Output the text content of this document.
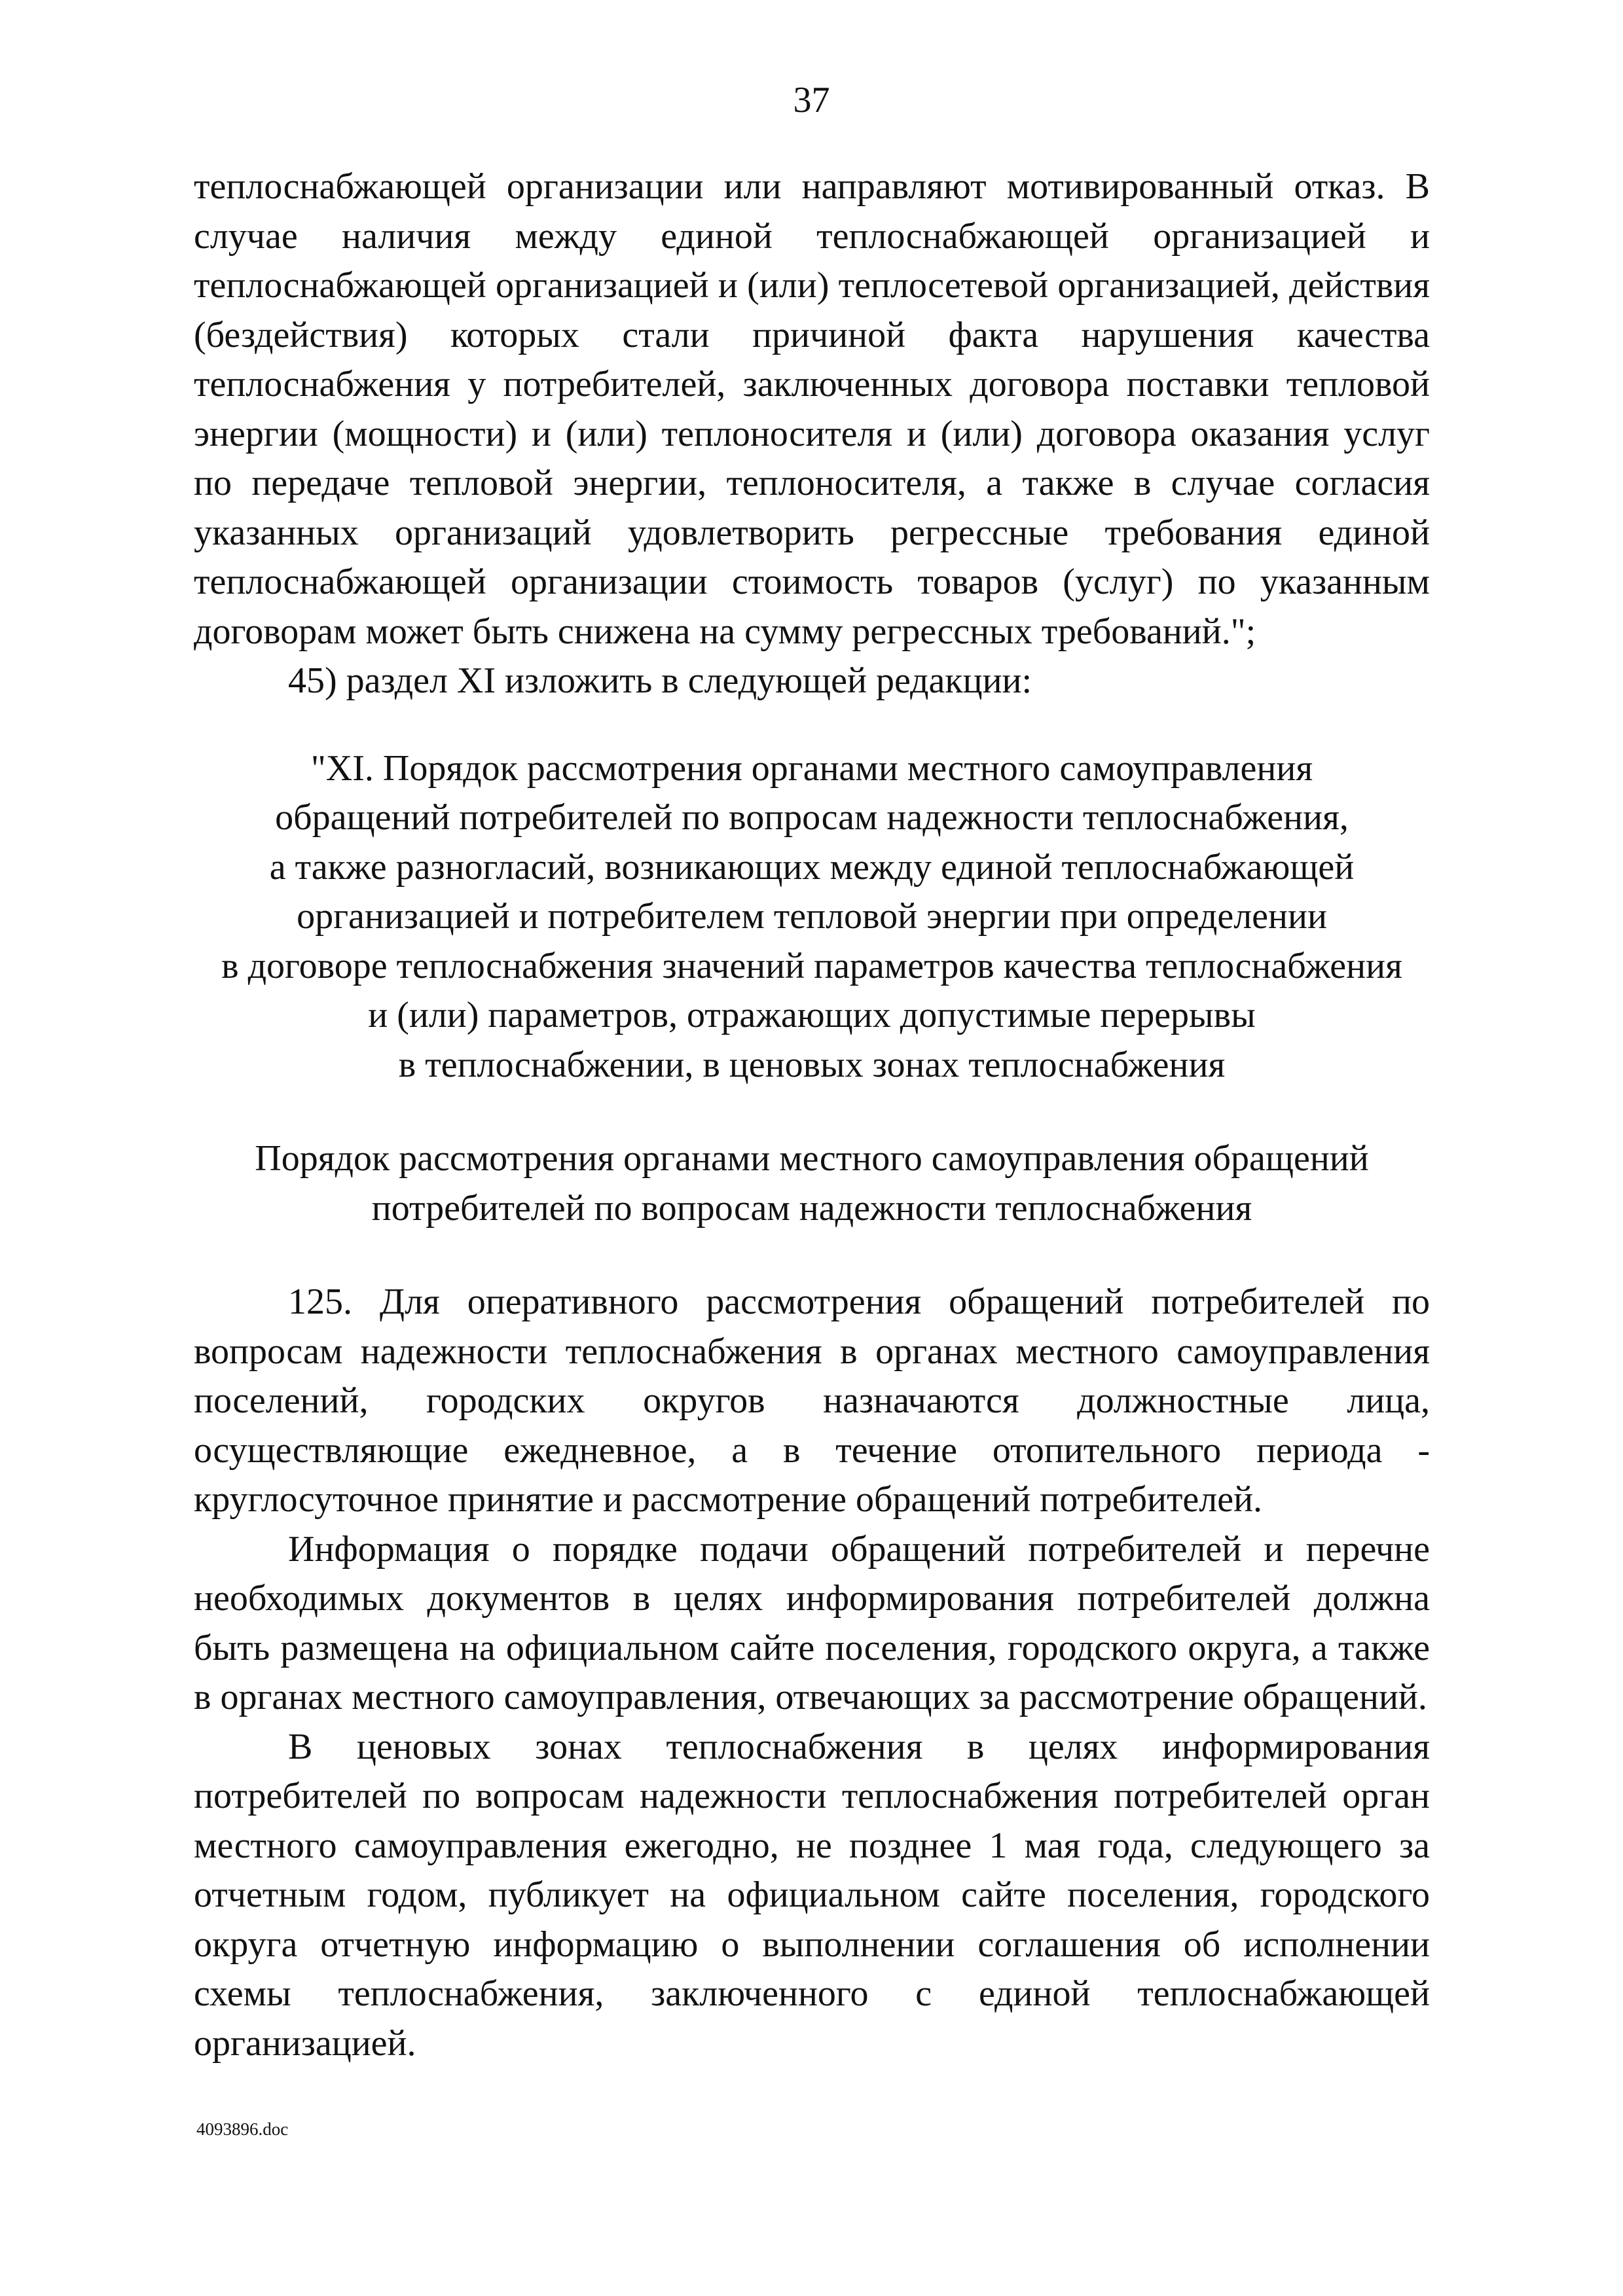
37

теплоснабжающей организации или направляют мотивированный отказ. В случае наличия между единой теплоснабжающей организацией и теплоснабжающей организацией и (или) теплосетевой организацией, действия (бездействия) которых стали причиной факта нарушения качества теплоснабжения у потребителей, заключенных договора поставки тепловой энергии (мощности) и (или) теплоносителя и (или) договора оказания услуг по передаче тепловой энергии, теплоносителя, а также в случае согласия указанных организаций удовлетворить регрессные требования единой теплоснабжающей организации стоимость товаров (услуг) по указанным договорам может быть снижена на сумму регрессных требований.";

45) раздел XI изложить в следующей редакции:

"XI. Порядок рассмотрения органами местного самоуправления
обращений потребителей по вопросам надежности теплоснабжения,
а также разногласий, возникающих между единой теплоснабжающей
организацией и потребителем тепловой энергии при определении
в договоре теплоснабжения значений параметров качества теплоснабжения
и (или) параметров, отражающих допустимые перерывы
в теплоснабжении, в ценовых зонах теплоснабжения
Порядок рассмотрения органами местного самоуправления обращений
потребителей по вопросам надежности теплоснабжения

125. Для оперативного рассмотрения обращений потребителей по вопросам надежности теплоснабжения в органах местного самоуправления поселений, городских округов назначаются должностные лица, осуществляющие ежедневное, а в течение отопительного периода - круглосуточное принятие и рассмотрение обращений потребителей.

Информация о порядке подачи обращений потребителей и перечне необходимых документов в целях информирования потребителей должна быть размещена на официальном сайте поселения, городского округа, а также в органах местного самоуправления, отвечающих за рассмотрение обращений.

В ценовых зонах теплоснабжения в целях информирования потребителей по вопросам надежности теплоснабжения потребителей орган местного самоуправления ежегодно, не позднее 1 мая года, следующего за отчетным годом, публикует на официальном сайте поселения, городского округа отчетную информацию о выполнении соглашения об исполнении схемы теплоснабжения, заключенного с единой теплоснабжающей организацией.

4093896.doc
